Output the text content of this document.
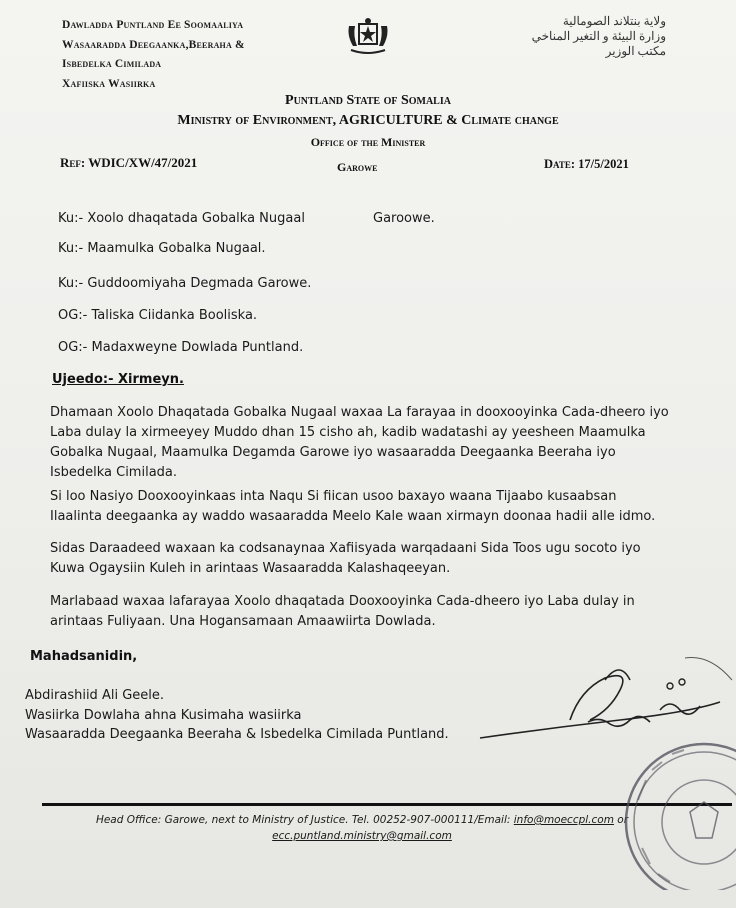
Dawladda Puntland Ee Soomaaliya
Wasaaradda Deegaanka,Beeraha &
Isbedelka Cimilada
Xafiiska Wasiirka
ولاية بنتلاند الصومالية
وزارة البيئة و التغير المناخي
مكتب الوزير
Puntland State of Somalia
Ministry of Environment, AGRICULTURE & Climate change
Office of the Minister
Ref: WDIC/XW/47/2021	Garowe	Date: 17/5/2021
Ku:- Xoolo dhaqatada Gobalka Nugaal	Garoowe.
Ku:- Maamulka Gobalka Nugaal.
Ku:- Guddoomiyaha Degmada Garowe.
OG:- Taliska Ciidanka Booliska.
OG:- Madaxweyne Dowlada Puntland.
Ujeedo:- Xirmeyn.
Dhamaan Xoolo Dhaqatada Gobalka Nugaal waxaa La farayaa in dooxooyinka Cada-dheero iyo Laba dulay la xirmeeyey Muddo dhan 15 cisho ah, kadib wadatashi ay yeesheen Maamulka Gobalka Nugaal, Maamulka Degamda Garowe iyo wasaaradda Deegaanka Beeraha iyo Isbedelka Cimilada.
Si loo Nasiyo Dooxooyinkaas inta Naqu Si fiican usoo baxayo waana Tijaabo kusaabsan Ilaalinta deegaanka ay waddo wasaaradda Meelo Kale waan xirmayn doonaa hadii alle idmo.
Sidas Daraadeed waxaan ka codsanaynaa Xafiisyada warqadaani Sida Toos ugu socoto iyo Kuwa Ogaysiin Kuleh in arintaas Wasaaradda Kalashaqeeyan.
Marlabaad waxaa lafarayaa Xoolo dhaqatada Dooxooyinka Cada-dheero iyo Laba dulay in arintaas Fuliyaan. Una Hogansamaan Amaawiirta Dowlada.
Mahadsanidin,
Abdirashiid Ali Geele.
Wasiirka Dowlaha ahna Kusimaha wasiirka
Wasaaradda Deegaanka Beeraha & Isbedelka Cimilada Puntland.
Head Office: Garowe, next to Ministry of Justice. Tel. 00252-907-000111/Email: info@moeccpl.com or
ecc.puntland.ministry@gmail.com
